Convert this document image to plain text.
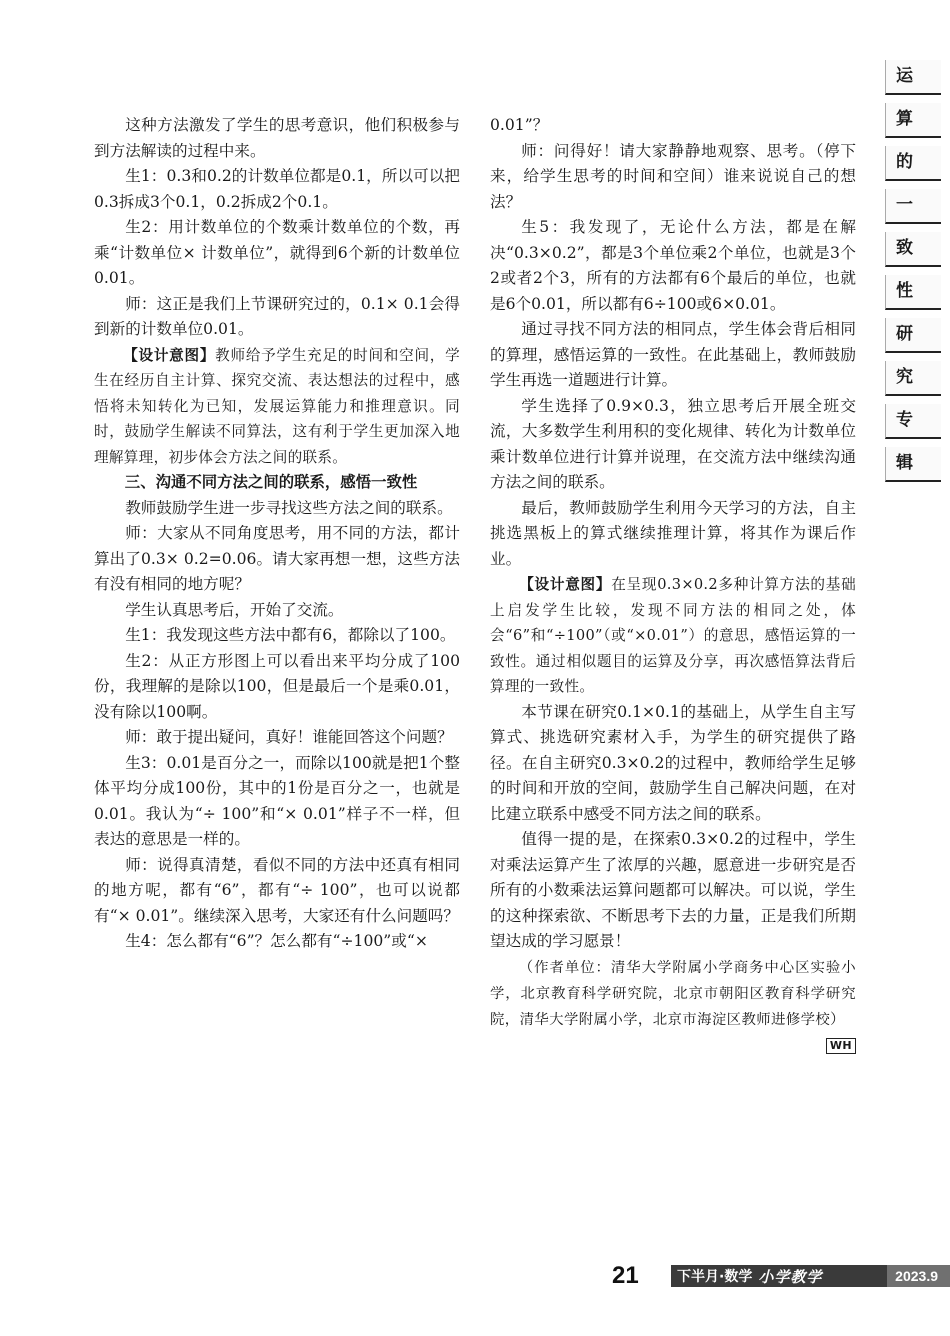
运
算
的
一
致
性
研
究
专
辑

这种方法激发了学生的思考意识，他们积极参与到方法解读的过程中来。

生1：0.3和0.2的计数单位都是0.1，所以可以把0.3拆成3个0.1，0.2拆成2个0.1。

生2：用计数单位的个数乘计数单位的个数，再乘“计数单位× 计数单位”，就得到6个新的计数单位0.01。

师：这正是我们上节课研究过的，0.1× 0.1会得到新的计数单位0.01。

【设计意图】教师给予学生充足的时间和空间，学生在经历自主计算、探究交流、表达想法的过程中，感悟将未知转化为已知，发展运算能力和推理意识。同时，鼓励学生解读不同算法，这有利于学生更加深入地理解算理，初步体会方法之间的联系。

三、沟通不同方法之间的联系，感悟一致性

教师鼓励学生进一步寻找这些方法之间的联系。

师：大家从不同角度思考，用不同的方法，都计算出了0.3× 0.2=0.06。请大家再想一想，这些方法有没有相同的地方呢？

学生认真思考后，开始了交流。

生1：我发现这些方法中都有6，都除以了100。

生2：从正方形图上可以看出来平均分成了100份，我理解的是除以100，但是最后一个是乘0.01，没有除以100啊。

师：敢于提出疑问，真好！谁能回答这个问题？

生3：0.01是百分之一，而除以100就是把1个整体平均分成100份，其中的1份是百分之一，也就是0.01。我认为“÷ 100”和“× 0.01”样子不一样，但表达的意思是一样的。

师：说得真清楚，看似不同的方法中还真有相同的地方呢，都有“6”，都有“÷ 100”，也可以说都有“× 0.01”。继续深入思考，大家还有什么问题吗？

生4：怎么都有“6”？怎么都有“÷100”或“×

0.01”？

师：问得好！请大家静静地观察、思考。（停下来，给学生思考的时间和空间）谁来说说自己的想法？

生5：我发现了，无论什么方法，都是在解决“0.3×0.2”，都是3个单位乘2个单位，也就是3个2或者2个3，所有的方法都有6个最后的单位，也就是6个0.01，所以都有6÷100或6×0.01。

通过寻找不同方法的相同点，学生体会背后相同的算理，感悟运算的一致性。在此基础上，教师鼓励学生再选一道题进行计算。

学生选择了0.9×0.3，独立思考后开展全班交流，大多数学生利用积的变化规律、转化为计数单位乘计数单位进行计算并说理，在交流方法中继续沟通方法之间的联系。

最后，教师鼓励学生利用今天学习的方法，自主挑选黑板上的算式继续推理计算，将其作为课后作业。

【设计意图】在呈现0.3×0.2多种计算方法的基础上启发学生比较，发现不同方法的相同之处，体会“6”和“÷100”（或“×0.01”）的意思，感悟运算的一致性。通过相似题目的运算及分享，再次感悟算法背后算理的一致性。

本节课在研究0.1×0.1的基础上，从学生自主写算式、挑选研究素材入手，为学生的研究提供了路径。在自主研究0.3×0.2的过程中，教师给学生足够的时间和开放的空间，鼓励学生自己解决问题，在对比建立联系中感受不同方法之间的联系。

值得一提的是，在探索0.3×0.2的过程中，学生对乘法运算产生了浓厚的兴趣，愿意进一步研究是否所有的小数乘法运算问题都可以解决。可以说，学生的这种探索欲、不断思考下去的力量，正是我们所期望达成的学习愿景！

（作者单位：清华大学附属小学商务中心区实验小学，北京教育科学研究院，北京市朝阳区教育科学研究院，清华大学附属小学，北京市海淀区教师进修学校）
WH

21	下半月·数学 小学教学	2023.9
